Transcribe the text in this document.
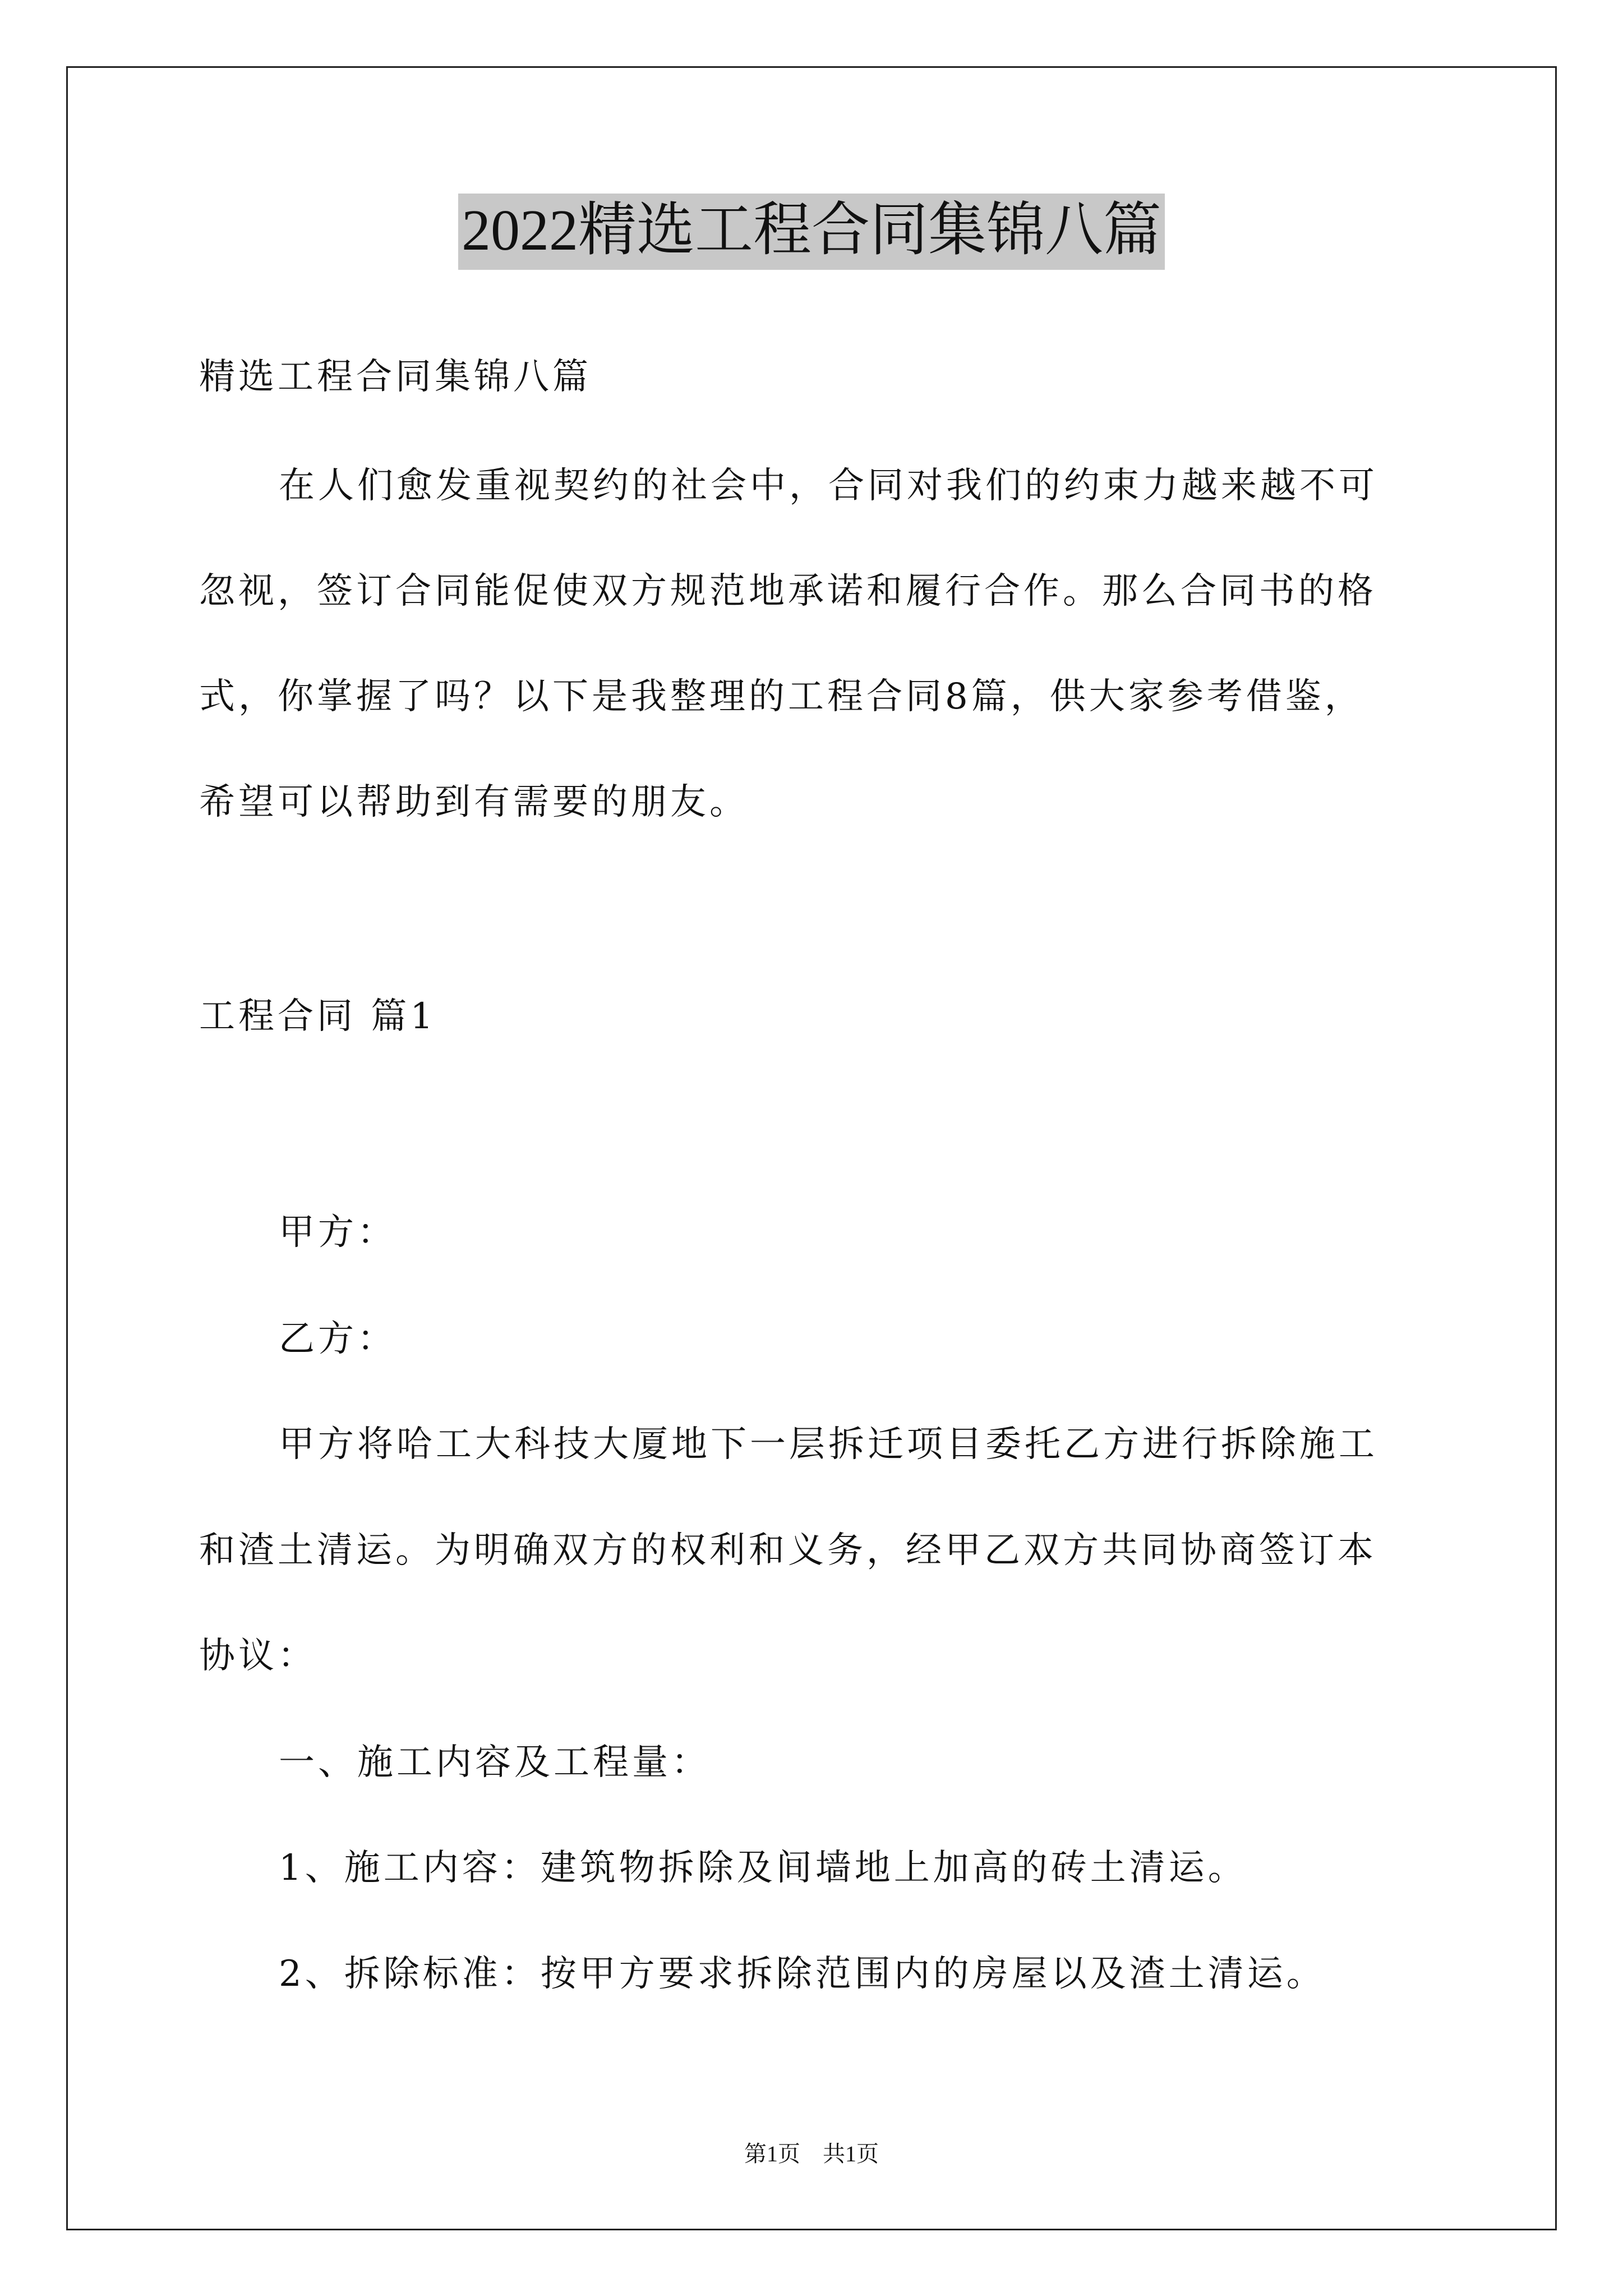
2022精选工程合同集锦八篇
精选工程合同集锦八篇
在人们愈发重视契约的社会中，合同对我们的约束力越来越不可
忽视，签订合同能促使双方规范地承诺和履行合作。那么合同书的格
式，你掌握了吗？以下是我整理的工程合同8篇，供大家参考借鉴，
希望可以帮助到有需要的朋友。
工程合同 篇1
甲方：
乙方：
甲方将哈工大科技大厦地下一层拆迁项目委托乙方进行拆除施工
和渣土清运。为明确双方的权利和义务，经甲乙双方共同协商签订本
协议：
一、施工内容及工程量：
1、施工内容：建筑物拆除及间墙地上加高的砖土清运。
2、拆除标准：按甲方要求拆除范围内的房屋以及渣土清运。
第1页　共1页
